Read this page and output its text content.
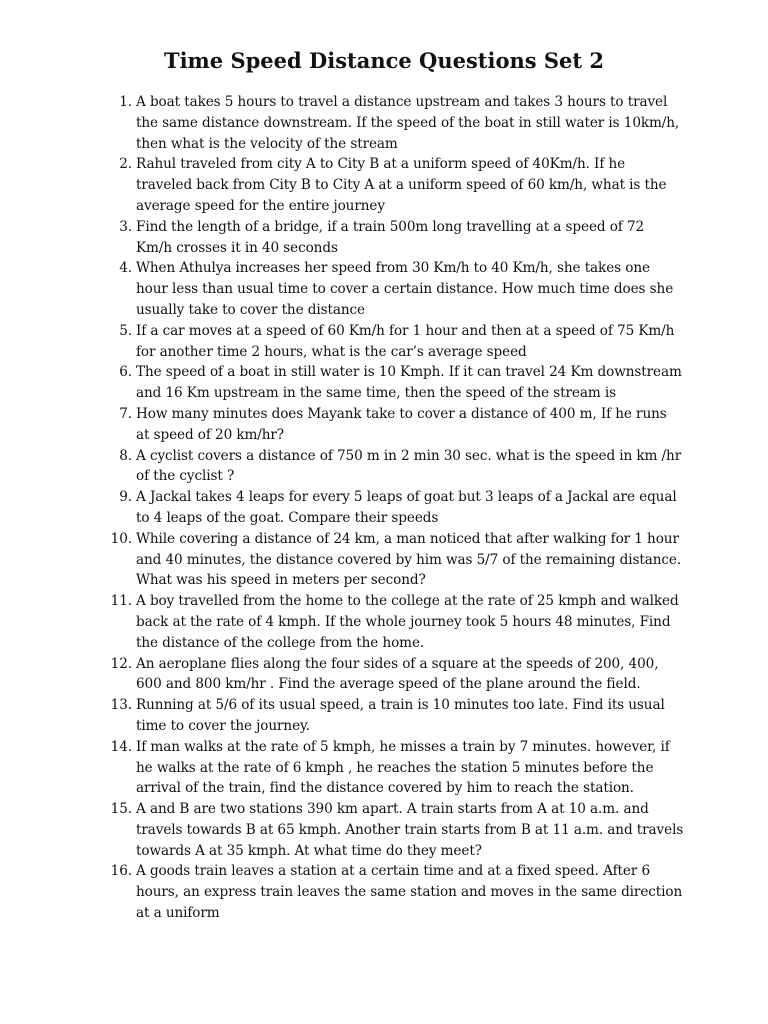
Time Speed Distance Questions Set 2
1. A boat takes 5 hours to travel a distance upstream and takes 3 hours to travel the same distance downstream. If the speed of the boat in still water is 10km/h, then what is the velocity of the stream
2. Rahul traveled from city A to City B at a uniform speed of 40Km/h. If he traveled back from City B to City A at a uniform speed of 60 km/h, what is the average speed for the entire journey
3. Find the length of a bridge, if a train 500m long travelling at a speed of 72 Km/h crosses it in 40 seconds
4. When Athulya increases her speed from 30 Km/h to 40 Km/h, she takes one hour less than usual time to cover a certain distance. How much time does she usually take to cover the distance
5. If a car moves at a speed of 60 Km/h for 1 hour and then at a speed of 75 Km/h for another time 2 hours, what is the car’s average speed
6. The speed of a boat in still water is 10 Kmph. If it can travel 24 Km downstream and 16 Km upstream in the same time, then the speed of the stream is
7. How many minutes does Mayank take to cover a distance of 400 m, If he runs at speed of 20 km/hr?
8. A cyclist covers a distance of 750 m in 2 min 30 sec. what is the speed in km /hr of the cyclist ?
9. A Jackal takes 4 leaps for every 5 leaps of goat but 3 leaps of a Jackal are equal to 4 leaps of the goat. Compare their speeds
10. While covering a distance of 24 km, a man noticed that after walking for 1 hour and 40 minutes, the distance covered by him was 5/7 of the remaining distance. What was his speed in meters per second?
11. A boy travelled from the home to the college at the rate of 25 kmph and walked back at the rate of 4 kmph. If the whole journey took 5 hours 48 minutes, Find the distance of the college from the home.
12. An aeroplane flies along the four sides of a square at the speeds of 200, 400, 600 and 800 km/hr . Find the average speed of the plane around the field.
13. Running at 5/6 of its usual speed, a train is 10 minutes too late. Find its usual time to cover the journey.
14. If man walks at the rate of 5 kmph, he misses a train by 7 minutes. however, if he walks at the rate of 6 kmph , he reaches the station 5 minutes before the arrival of the train, find the distance covered by him to reach the station.
15. A and B are two stations 390 km apart. A train starts from A at 10 a.m. and travels towards B at 65 kmph. Another train starts from B at 11 a.m. and travels towards A at 35 kmph. At what time do they meet?
16. A goods train leaves a station at a certain time and at a fixed speed. After 6 hours, an express train leaves the same station and moves in the same direction at a uniform
